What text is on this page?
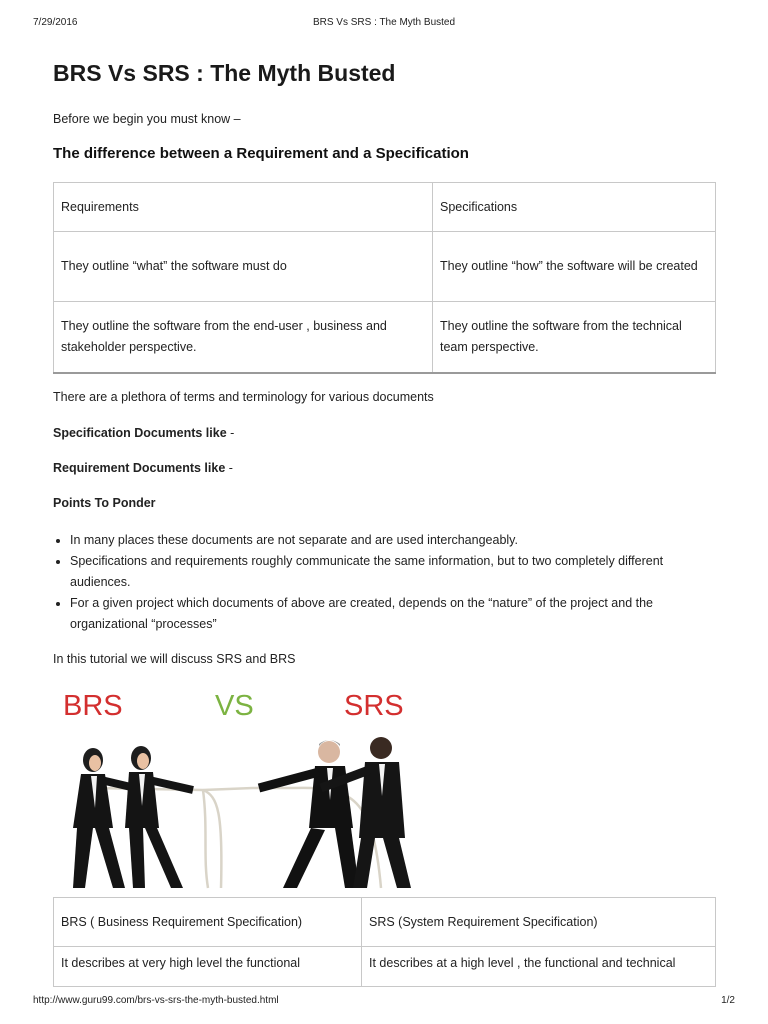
7/29/2016	BRS Vs SRS : The Myth Busted
BRS Vs SRS : The Myth Busted

Before we begin you must know –

The difference between a Requirement and a Specification
Requirements	Specifications
They outline “what” the software must do	They outline “how” the software will be created
They outline the software from the end-user , business and stakeholder perspective.	They outline the software from the technical team perspective.

There are a plethora of terms and terminology for various documents

Specification Documents like -

Requirement Documents like -

Points To Ponder

• In many places these documents are not separate and are used interchangeably.
• Specifications and requirements roughly communicate the same information, but to two completely different audiences.
• For a given project which documents of above are created, depends on the “nature” of the project and the organizational “processes”

In this tutorial we will discuss SRS and BRS

BRS	VS	SRS
BRS ( Business Requirement Specification)	SRS (System Requirement Specification)
It describes at very high level the functional	It describes at a high level , the functional and technical
http://www.guru99.com/brs-vs-srs-the-myth-busted.html	1/2
